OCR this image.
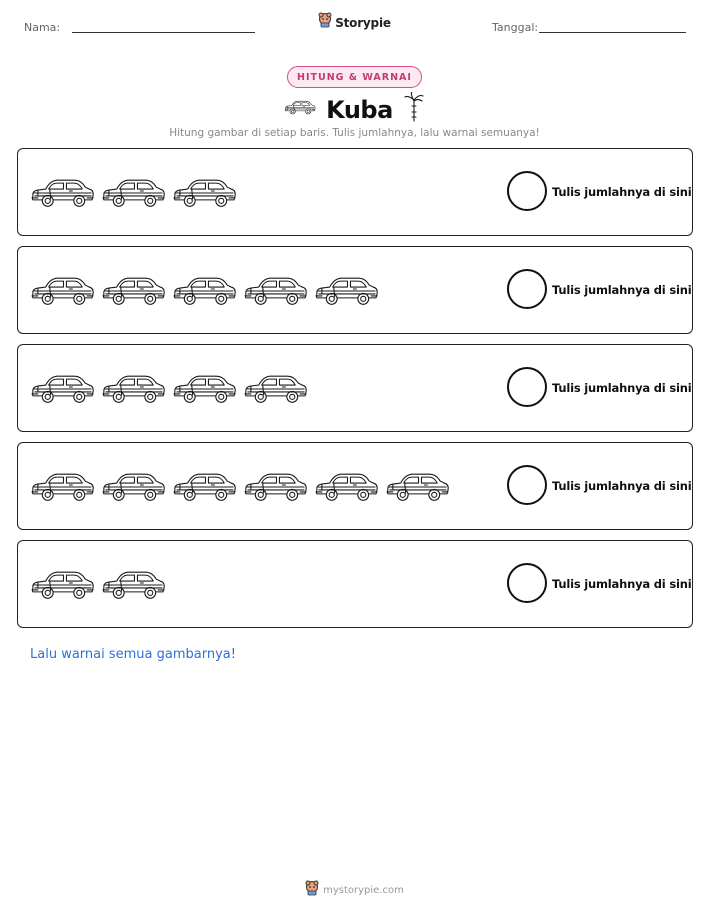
Nama:	Storypie	Tanggal:
HITUNG & WARNAI
Kuba
Hitung gambar di setiap baris. Tulis jumlahnya, lalu warnai semuanya!
Tulis jumlahnya di sini
Tulis jumlahnya di sini
Tulis jumlahnya di sini
Tulis jumlahnya di sini
Tulis jumlahnya di sini
Lalu warnai semua gambarnya!
mystorypie.com
